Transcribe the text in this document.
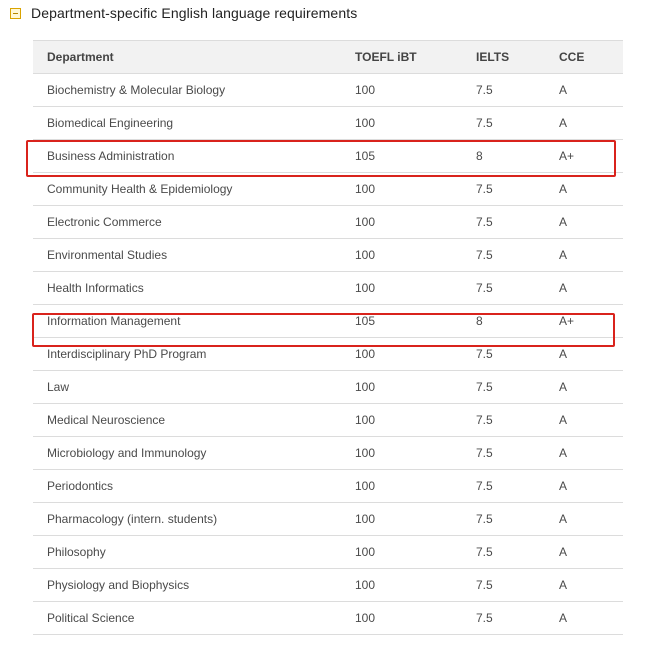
Department-specific English language requirements
Department	TOEFL iBT	IELTS	CCE
Biochemistry & Molecular Biology	100	7.5	A
Biomedical Engineering	100	7.5	A
Business Administration	105	8	A+
Community Health & Epidemiology	100	7.5	A
Electronic Commerce	100	7.5	A
Environmental Studies	100	7.5	A
Health Informatics	100	7.5	A
Information Management	105	8	A+
Interdisciplinary PhD Program	100	7.5	A
Law	100	7.5	A
Medical Neuroscience	100	7.5	A
Microbiology and Immunology	100	7.5	A
Periodontics	100	7.5	A
Pharmacology (intern. students)	100	7.5	A
Philosophy	100	7.5	A
Physiology and Biophysics	100	7.5	A
Political Science	100	7.5	A
